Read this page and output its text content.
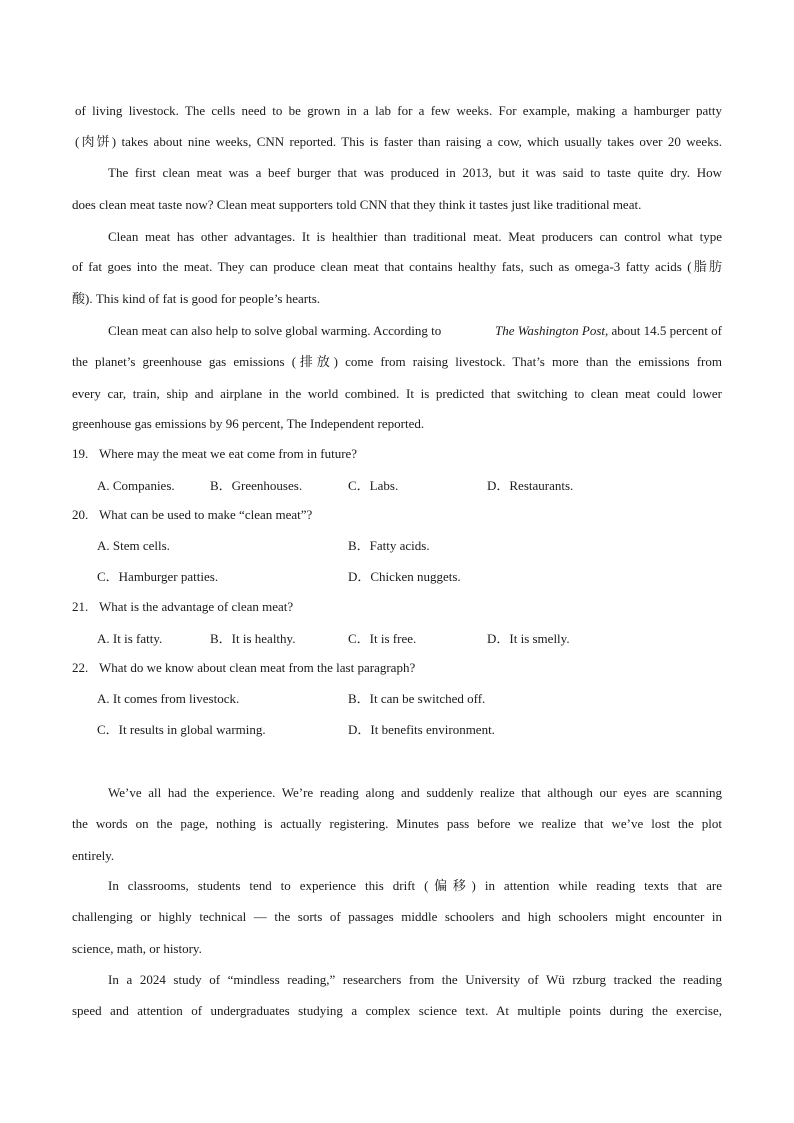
of living livestock. The cells need to be grown in a lab for a few weeks. For example, making a hamburger patty
(肉饼) takes about nine weeks, CNN reported. This is faster than raising a cow, which usually takes over 20 weeks.
The first clean meat was a beef burger that was produced in 2013, but it was said to taste quite dry. How
does clean meat taste now? Clean meat supporters told CNN that they think it tastes just like traditional meat.
Clean meat has other advantages. It is healthier than traditional meat. Meat producers can control what type
of fat goes into the meat. They can produce clean meat that contains healthy fats, such as omega-3 fatty acids (脂肪
酸). This kind of fat is good for people’s hearts.
Clean meat can also help to solve global warming. According to	The Washington Post, about 14.5 percent of
the planet’s greenhouse gas emissions (排放) come from raising livestock. That’s more than the emissions from
every car, train, ship and airplane in the world combined. It is predicted that switching to clean meat could lower
greenhouse gas emissions by 96 percent, The Independent reported.
19. Where may the meat we eat come from in future?
A. Companies.	B．Greenhouses.	C．Labs.	D．Restaurants.
20. What can be used to make “clean meat”?
A. Stem cells.	B．Fatty acids.
C．Hamburger patties.	D．Chicken nuggets.
21. What is the advantage of clean meat?
A. It is fatty.	B．It is healthy.	C．It is free.	D．It is smelly.
22. What do we know about clean meat from the last paragraph?
A. It comes from livestock.	B．It can be switched off.
C．It results in global warming.	D．It benefits environment.
We’ve all had the experience. We’re reading along and suddenly realize that although our eyes are scanning
the words on the page, nothing is actually registering. Minutes pass before we realize that we’ve lost the plot
entirely.
In classrooms, students tend to experience this drift (偏移) in attention while reading texts that are
challenging or highly technical — the sorts of passages middle schoolers and high schoolers might encounter in
science, math, or history.
In a 2024 study of “mindless reading,” researchers from the University of Wü rzburg tracked the reading
speed and attention of undergraduates studying a complex science text. At multiple points during the exercise,
